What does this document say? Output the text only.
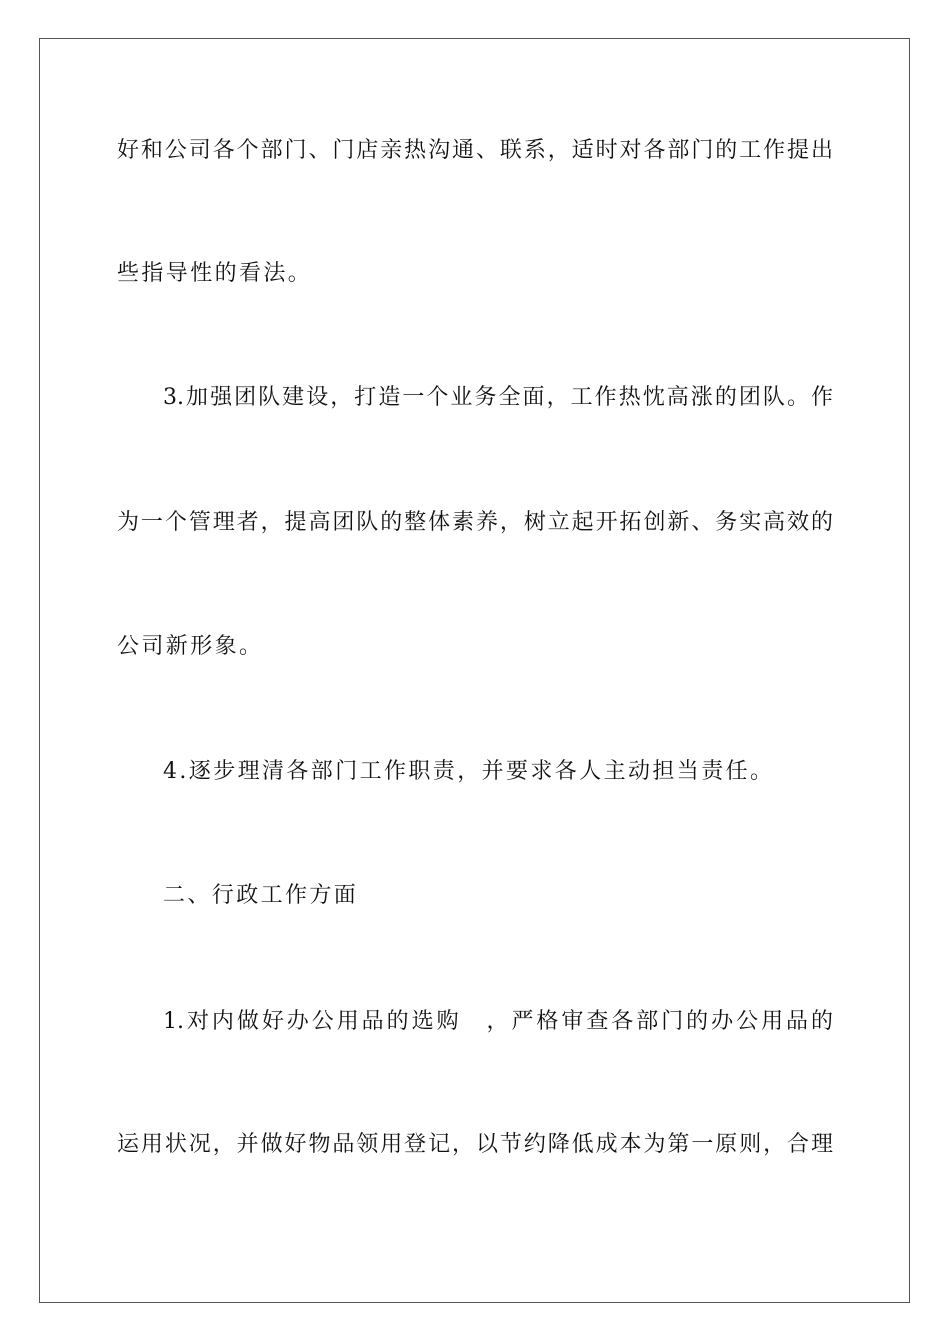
好和公司各个部门、门店亲热沟通、联系，适时对各部门的工作提出
些指导性的看法。
3.加强团队建设，打造一个业务全面，工作热忱高涨的团队。作
为一个管理者，提高团队的整体素养，树立起开拓创新、务实高效的
公司新形象。
4.逐步理清各部门工作职责，并要求各人主动担当责任。
二、行政工作方面
1.对内做好办公用品的选购　，严格审查各部门的办公用品的
运用状况，并做好物品领用登记，以节约降低成本为第一原则，合理
